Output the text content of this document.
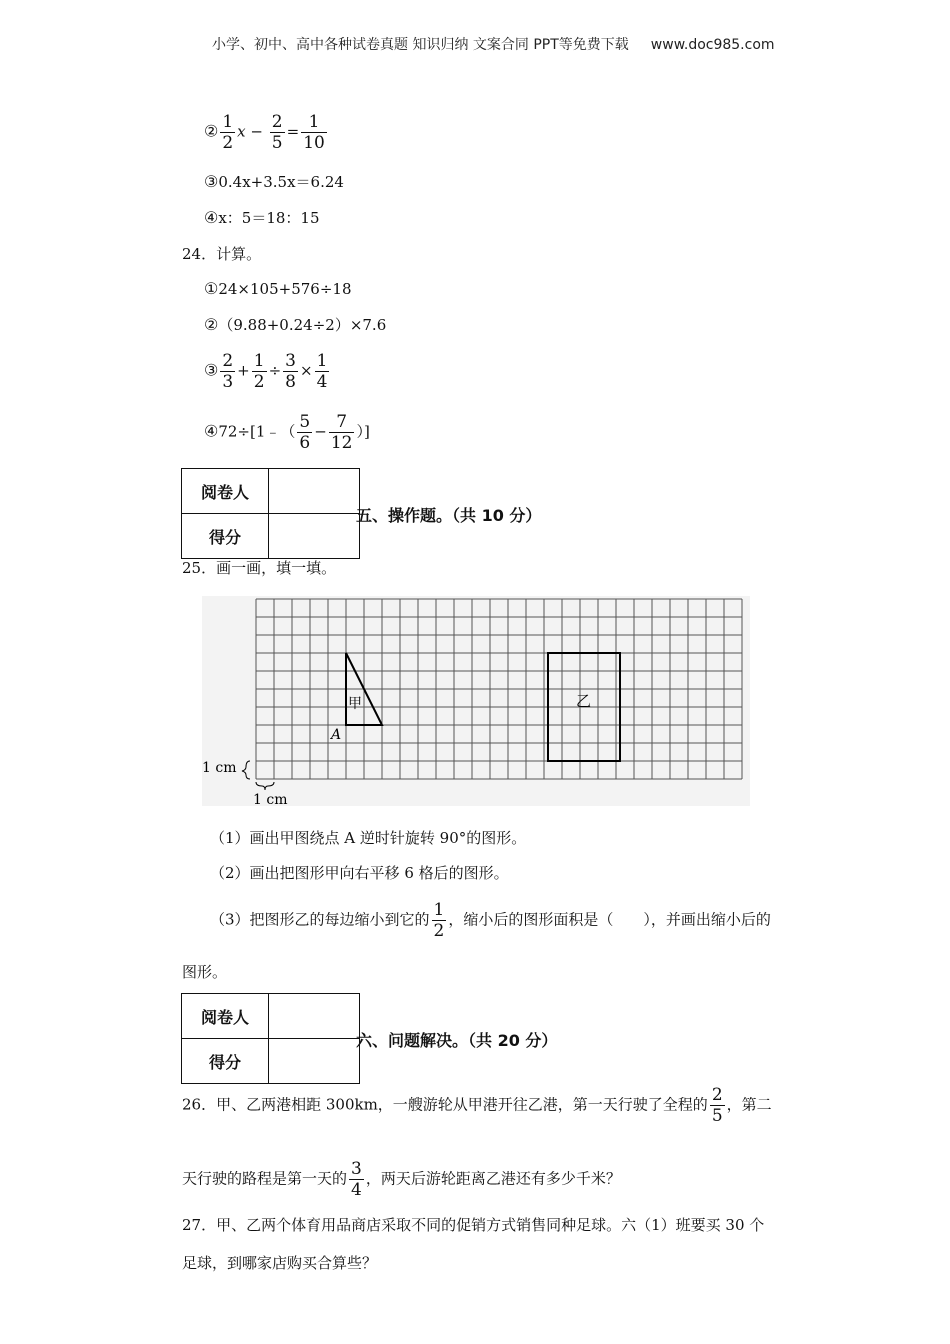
小学、初中、高中各种试卷真题 知识归纳 文案合同 PPT等免费下载 www.doc985.com
② $\frac{1}{2}$ $x - \frac{2}{5} = \frac{1}{10}$
③0.4x+3.5x＝6.24
④x：5＝18：15
24．计算。
①24×105+576÷18
②（9.88+0.24÷2）×7.6
③ $\frac{2}{3} + \frac{1}{2} \div \frac{3}{8} \times \frac{1}{4}$
④72÷[1﹣（ $\frac{5}{6} - \frac{7}{12}$ ）]
阅卷人	
得分	
五、操作题。（共 10 分）
25．画一画，填一填。
甲
A
乙
1 cm
1 cm
（1）画出甲图绕点 A 逆时针旋转 90°的图形。
（2）画出把图形甲向右平移 6 格后的图形。
（3）把图形乙的每边缩小到它的 $\frac{1}{2}$ ，缩小后的图形面积是（　　），并画出缩小后的
图形。
阅卷人	
得分	
六、问题解决。（共 20 分）
26．甲、乙两港相距 300km，一艘游轮从甲港开往乙港，第一天行驶了全程的 $\frac{2}{5}$ ，第二
天行驶的路程是第一天的 $\frac{3}{4}$ ，两天后游轮距离乙港还有多少千米？
27．甲、乙两个体育用品商店采取不同的促销方式销售同种足球。六（1）班要买 30 个
足球，到哪家店购买合算些？
